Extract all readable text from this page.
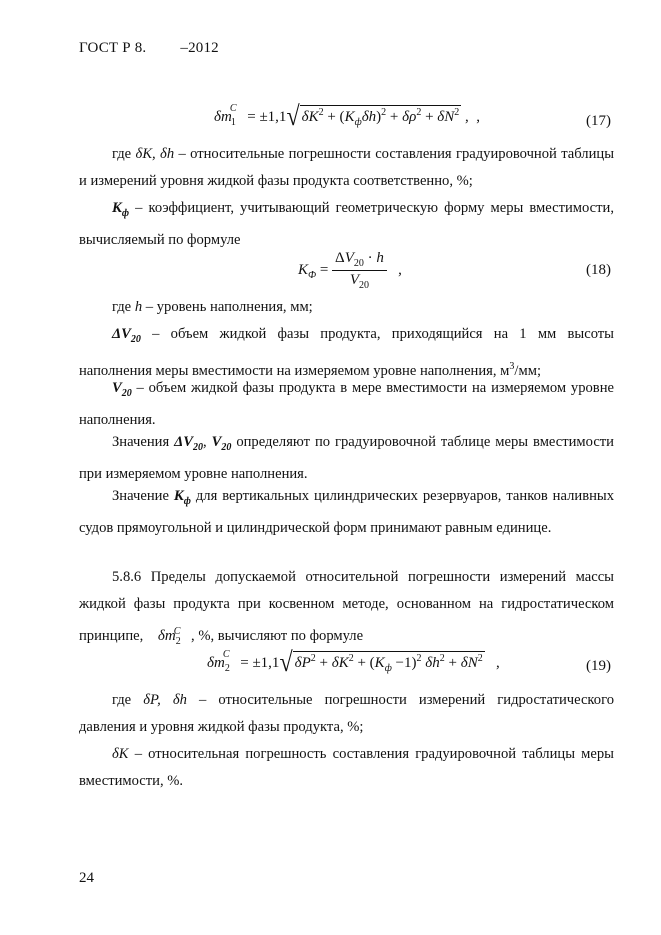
ГОСТ Р 8. –2012
$\delta m_1^C = \pm 1,1√$ $\delta K^2 + (K_ф\delta h)^2 + \delta\rho^2 + \delta N^2$ ,  ,	(17)
где δK, δh – относительные погрешности составления градуировочной таблицы и измерений уровня жидкой фазы продукта соответственно, %;
$К_ф$ – коэффициент, учитывающий геометрическую форму меры вместимости, вычисляемый по формуле
$K_Ф = \frac{\Delta V_{20} \cdot h}{V_{20}}$ ,	(18)
где h – уровень наполнения, мм;
$\Delta V_{20}$ – объем жидкой фазы продукта, приходящийся на 1 мм высоты наполнения меры вместимости на измеряемом уровне наполнения, $м^3/мм$;
$V_{20}$ – объем жидкой фазы продукта в мере вместимости на измеряемом уровне наполнения.
Значения $\Delta V_{20}$, $V_{20}$ определяют по градуировочной таблице меры вместимости при измеряемом уровне наполнения.
Значение $К_ф$ для вертикальных цилиндрических резервуаров, танков наливных судов прямоугольной и цилиндрической форм принимают равным единице.
5.8.6 Пределы допускаемой относительной погрешности измерений массы жидкой фазы продукта при косвенном методе, основанном на гидростатическом принципе, $\delta m_2^C$ , %, вычисляют по формуле
$\delta m_2^C = \pm 1,1√$ $\delta P^2 + \delta K^2 + (K_ф -1)^2$ $\delta h^2 + \delta N^2$   ,	(19)
где δP, δh – относительные погрешности измерений гидростатического давления и уровня жидкой фазы продукта, %;
δK – относительная погрешность составления градуировочной таблицы меры вместимости, %.
24
